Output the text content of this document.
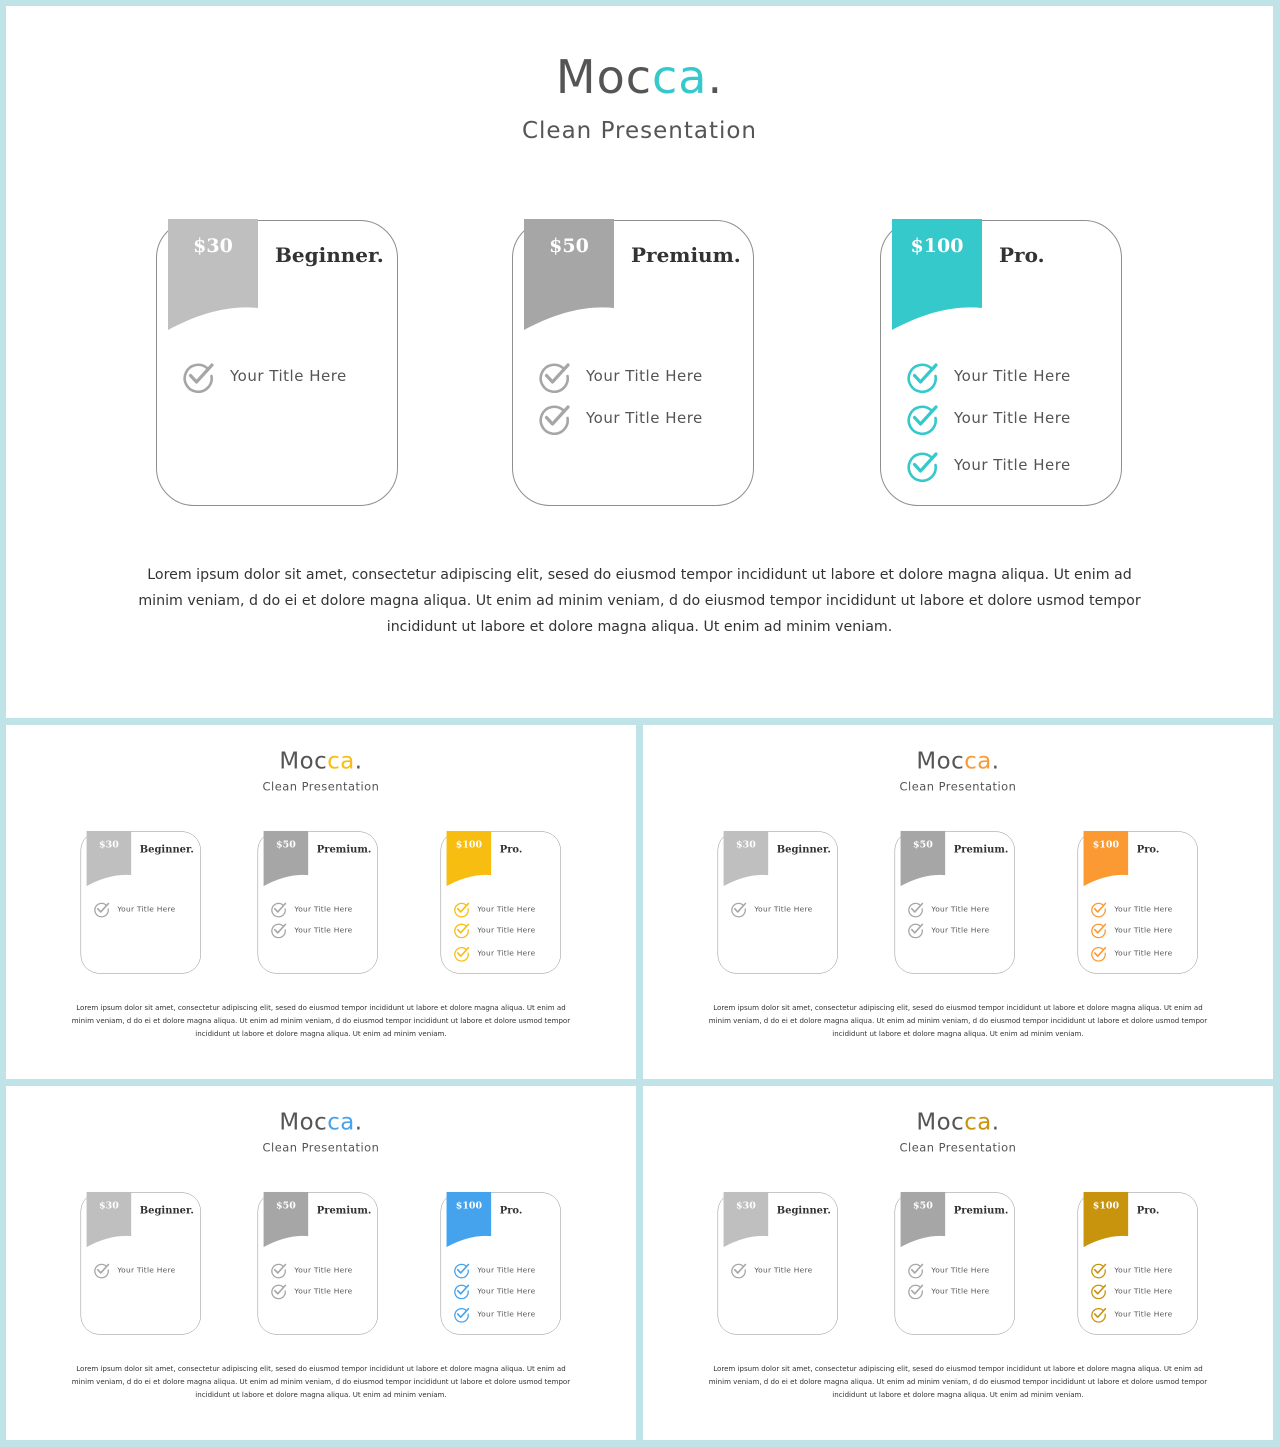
Mocca.
Clean Presentation
$30	Beginner.
Your Title Here
$50	Premium.
Your Title Here
Your Title Here
$100	Pro.
Your Title Here
Your Title Here
Your Title Here
Lorem ipsum dolor sit amet, consectetur adipiscing elit, sesed do eiusmod tempor incididunt ut labore et dolore magna aliqua. Ut enim ad minim veniam, d do ei et dolore magna aliqua. Ut enim ad minim veniam, d do eiusmod tempor incididunt ut labore et dolore usmod tempor incididunt ut labore et dolore magna aliqua. Ut enim ad minim veniam.
Mocca.
Clean Presentation
$30	Beginner.
Your Title Here
$50	Premium.
Your Title Here
Your Title Here
$100 Pro.
Your Title Here
Your Title Here
Your Title Here
Lorem ipsum dolor sit amet, consectetur adipiscing elit, sesed do eiusmod tempor incididunt ut labore et dolore magna aliqua. Ut enim ad minim veniam, d do ei et dolore magna aliqua. Ut enim ad minim veniam, d do eiusmod tempor incididunt ut labore et dolore usmod tempor incididunt ut labore et dolore magna aliqua. Ut enim ad minim veniam.
Mocca.
Clean Presentation
$30	Beginner.
Your Title Here
$50	Premium.
Your Title Here
Your Title Here
$100 Pro.
Your Title Here
Your Title Here
Your Title Here
Lorem ipsum dolor sit amet, consectetur adipiscing elit, sesed do eiusmod tempor incididunt ut labore et dolore magna aliqua. Ut enim ad minim veniam, d do ei et dolore magna aliqua. Ut enim ad minim veniam, d do eiusmod tempor incididunt ut labore et dolore usmod tempor incididunt ut labore et dolore magna aliqua. Ut enim ad minim veniam.
Mocca.
Clean Presentation
$30	Beginner.
Your Title Here
$50	Premium.
Your Title Here
Your Title Here
$100 Pro.
Your Title Here
Your Title Here
Your Title Here
Lorem ipsum dolor sit amet, consectetur adipiscing elit, sesed do eiusmod tempor incididunt ut labore et dolore magna aliqua. Ut enim ad minim veniam, d do ei et dolore magna aliqua. Ut enim ad minim veniam, d do eiusmod tempor incididunt ut labore et dolore usmod tempor incididunt ut labore et dolore magna aliqua. Ut enim ad minim veniam.
Mocca.
Clean Presentation
$30	Beginner.
Your Title Here
$50	Premium.
Your Title Here
Your Title Here
$100 Pro.
Your Title Here
Your Title Here
Your Title Here
Lorem ipsum dolor sit amet, consectetur adipiscing elit, sesed do eiusmod tempor incididunt ut labore et dolore magna aliqua. Ut enim ad minim veniam, d do ei et dolore magna aliqua. Ut enim ad minim veniam, d do eiusmod tempor incididunt ut labore et dolore usmod tempor incididunt ut labore et dolore magna aliqua. Ut enim ad minim veniam.
